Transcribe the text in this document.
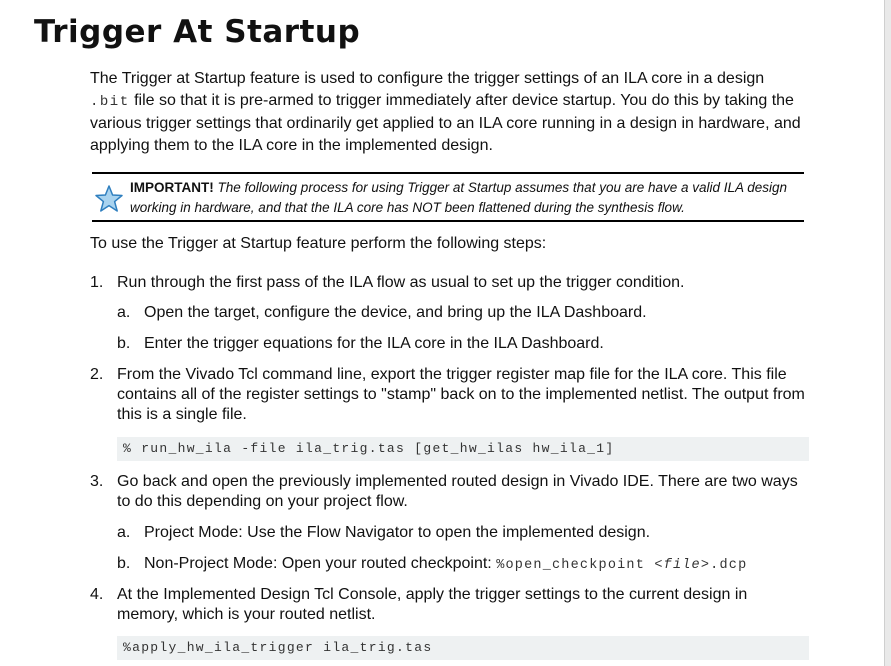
Trigger At Startup

The Trigger at Startup feature is used to configure the trigger settings of an ILA core in a design .bit file so that it is pre-armed to trigger immediately after device startup. You do this by taking the various trigger settings that ordinarily get applied to an ILA core running in a design in hardware, and applying them to the ILA core in the implemented design.

IMPORTANT! The following process for using Trigger at Startup assumes that you are have a valid ILA design working in hardware, and that the ILA core has NOT been flattened during the synthesis flow.

To use the Trigger at Startup feature perform the following steps:

1. Run through the first pass of the ILA flow as usual to set up the trigger condition.
a. Open the target, configure the device, and bring up the ILA Dashboard.
b. Enter the trigger equations for the ILA core in the ILA Dashboard.
2. From the Vivado Tcl command line, export the trigger register map file for the ILA core. This file contains all of the register settings to "stamp" back on to the implemented netlist. The output from this is a single file.
% run_hw_ila -file ila_trig.tas [get_hw_ilas hw_ila_1]
3. Go back and open the previously implemented routed design in Vivado IDE. There are two ways to do this depending on your project flow.
a. Project Mode: Use the Flow Navigator to open the implemented design.
b. Non-Project Mode: Open your routed checkpoint: %open_checkpoint <file>.dcp
4. At the Implemented Design Tcl Console, apply the trigger settings to the current design in memory, which is your routed netlist.
%apply_hw_ila_trigger ila_trig.tas
